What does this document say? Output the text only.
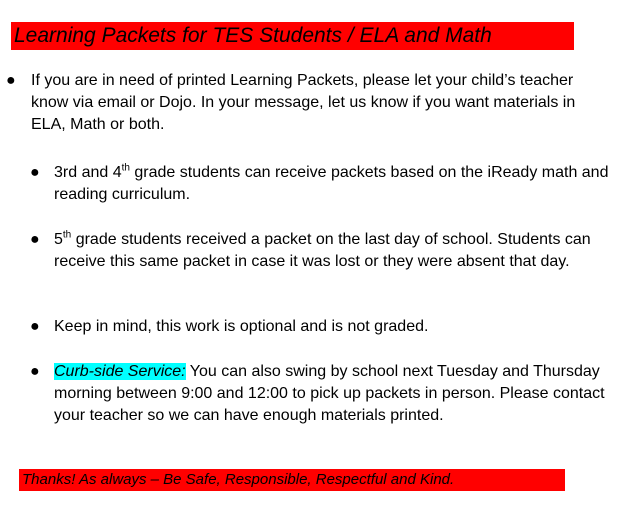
Learning Packets for TES Students / ELA and Math
● If you are in need of printed Learning Packets, please let your child’s teacher know via email or Dojo. In your message, let us know if you want materials in ELA, Math or both.
● 3rd and 4th grade students can receive packets based on the iReady math and reading curriculum.
● 5th grade students received a packet on the last day of school. Students can receive this same packet in case it was lost or they were absent that day.
● Keep in mind, this work is optional and is not graded.
● Curb-side Service: You can also swing by school next Tuesday and Thursday morning between 9:00 and 12:00 to pick up packets in person. Please contact your teacher so we can have enough materials printed.
Thanks! As always – Be Safe, Responsible, Respectful and Kind.
